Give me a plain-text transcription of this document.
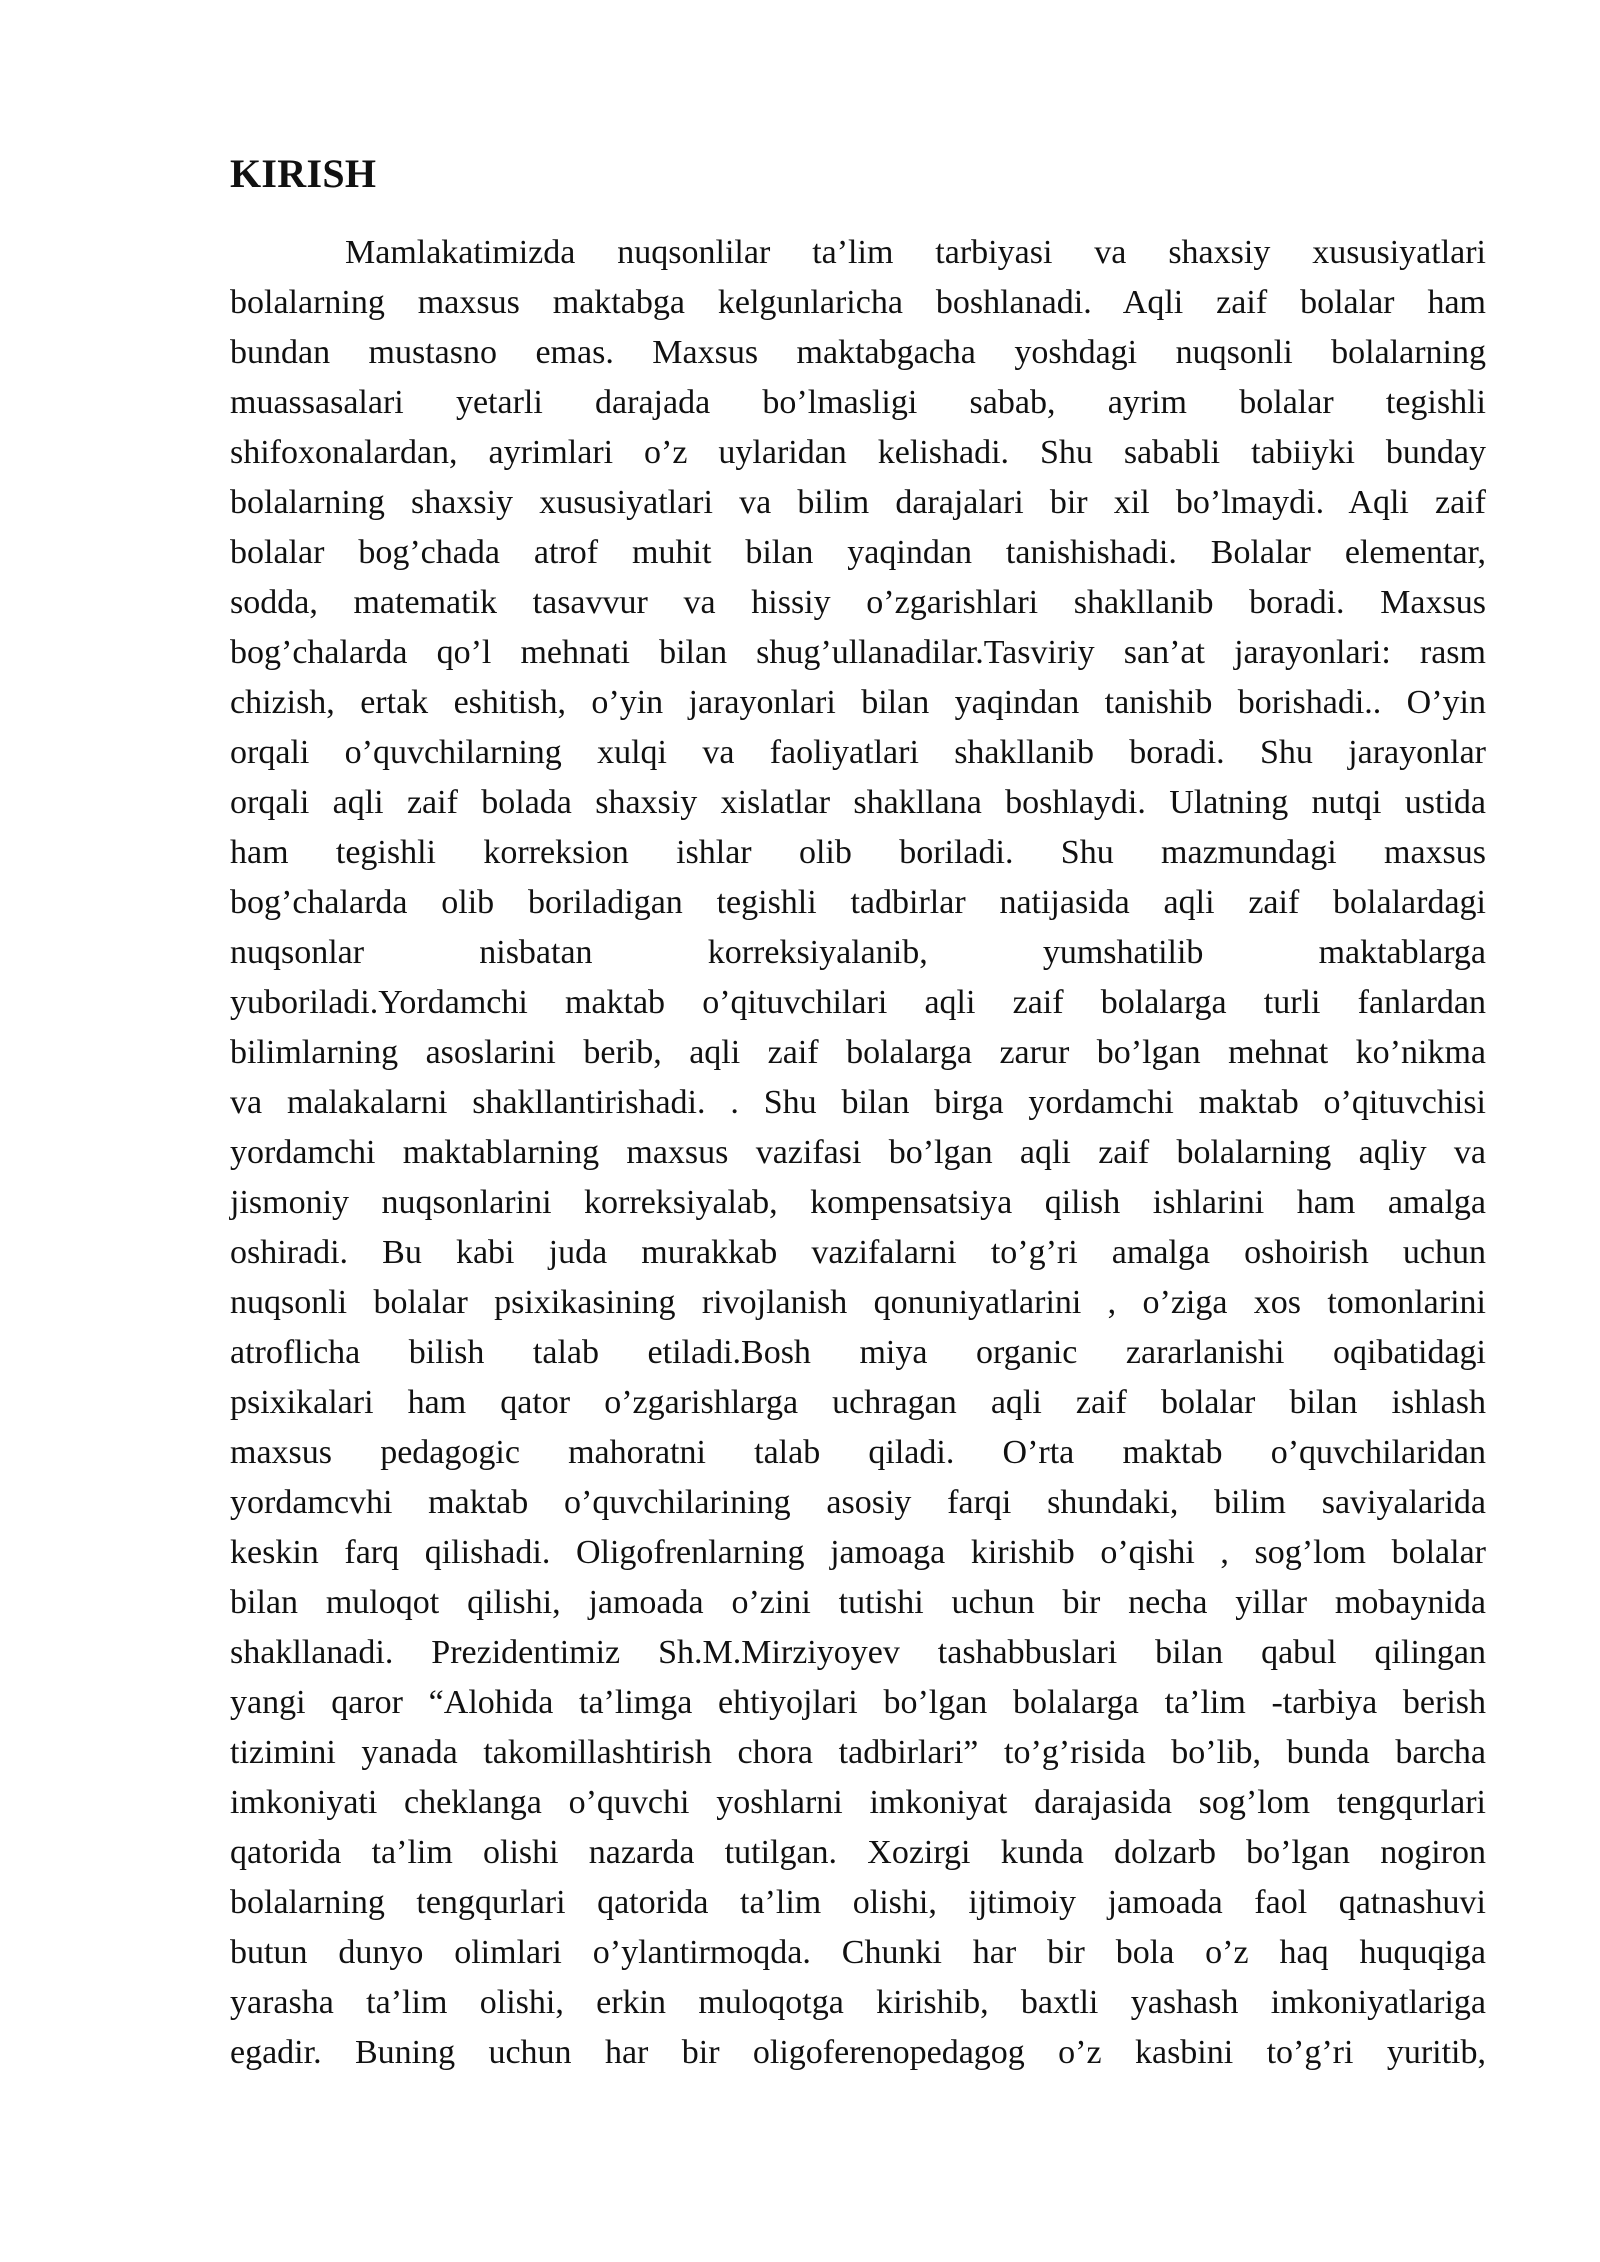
KIRISH
Mamlakatimizda nuqsonlilar ta’lim tarbiyasi va shaxsiy xususiyatlari
bolalarning maxsus maktabga kelgunlaricha boshlanadi. Aqli zaif bolalar ham
bundan mustasno emas. Maxsus maktabgacha yoshdagi nuqsonli bolalarning
muassasalari yetarli darajada bo’lmasligi sabab, ayrim bolalar tegishli
shifoxonalardan, ayrimlari o’z uylaridan kelishadi. Shu sababli tabiiyki bunday
bolalarning shaxsiy xususiyatlari va bilim darajalari bir xil bo’lmaydi. Aqli zaif
bolalar bog’chada atrof muhit bilan yaqindan tanishishadi. Bolalar elementar,
sodda, matematik tasavvur va hissiy o’zgarishlari shakllanib boradi. Maxsus
bog’chalarda qo’l mehnati bilan shug’ullanadilar.Tasviriy san’at jarayonlari: rasm
chizish, ertak eshitish, o’yin jarayonlari bilan yaqindan tanishib borishadi.. O’yin
orqali o’quvchilarning xulqi va faoliyatlari shakllanib boradi. Shu jarayonlar
orqali aqli zaif bolada shaxsiy xislatlar shakllana boshlaydi. Ulatning nutqi ustida
ham tegishli korreksion ishlar olib boriladi. Shu mazmundagi maxsus
bog’chalarda olib boriladigan tegishli tadbirlar natijasida aqli zaif bolalardagi
nuqsonlar nisbatan korreksiyalanib, yumshatilib maktablarga
yuboriladi.Yordamchi maktab o’qituvchilari aqli zaif bolalarga turli fanlardan
bilimlarning asoslarini berib, aqli zaif bolalarga zarur bo’lgan mehnat ko’nikma
va malakalarni shakllantirishadi. . Shu bilan birga yordamchi maktab o’qituvchisi
yordamchi maktablarning maxsus vazifasi bo’lgan aqli zaif bolalarning aqliy va
jismoniy nuqsonlarini korreksiyalab, kompensatsiya qilish ishlarini ham amalga
oshiradi. Bu kabi juda murakkab vazifalarni to’g’ri amalga oshoirish uchun
nuqsonli bolalar psixikasining rivojlanish qonuniyatlarini , o’ziga xos tomonlarini
atroflicha bilish talab etiladi.Bosh miya organic zararlanishi oqibatidagi
psixikalari ham qator o’zgarishlarga uchragan aqli zaif bolalar bilan ishlash
maxsus pedagogic mahoratni talab qiladi. O’rta maktab o’quvchilaridan
yordamcvhi maktab o’quvchilarining asosiy farqi shundaki, bilim saviyalarida
keskin farq qilishadi. Oligofrenlarning jamoaga kirishib o’qishi , sog’lom bolalar
bilan muloqot qilishi, jamoada o’zini tutishi uchun bir necha yillar mobaynida
shakllanadi. Prezidentimiz Sh.M.Mirziyoyev tashabbuslari bilan qabul qilingan
yangi qaror “Alohida ta’limga ehtiyojlari bo’lgan bolalarga ta’lim -tarbiya berish
tizimini yanada takomillashtirish chora tadbirlari” to’g’risida bo’lib, bunda barcha
imkoniyati cheklanga o’quvchi yoshlarni imkoniyat darajasida sog’lom tengqurlari
qatorida ta’lim olishi nazarda tutilgan. Xozirgi kunda dolzarb bo’lgan nogiron
bolalarning tengqurlari qatorida ta’lim olishi, ijtimoiy jamoada faol qatnashuvi
butun dunyo olimlari o’ylantirmoqda. Chunki har bir bola o’z haq huquqiga
yarasha ta’lim olishi, erkin muloqotga kirishib, baxtli yashash imkoniyatlariga
egadir. Buning uchun har bir oligoferenopedagog o’z kasbini to’g’ri yuritib,
